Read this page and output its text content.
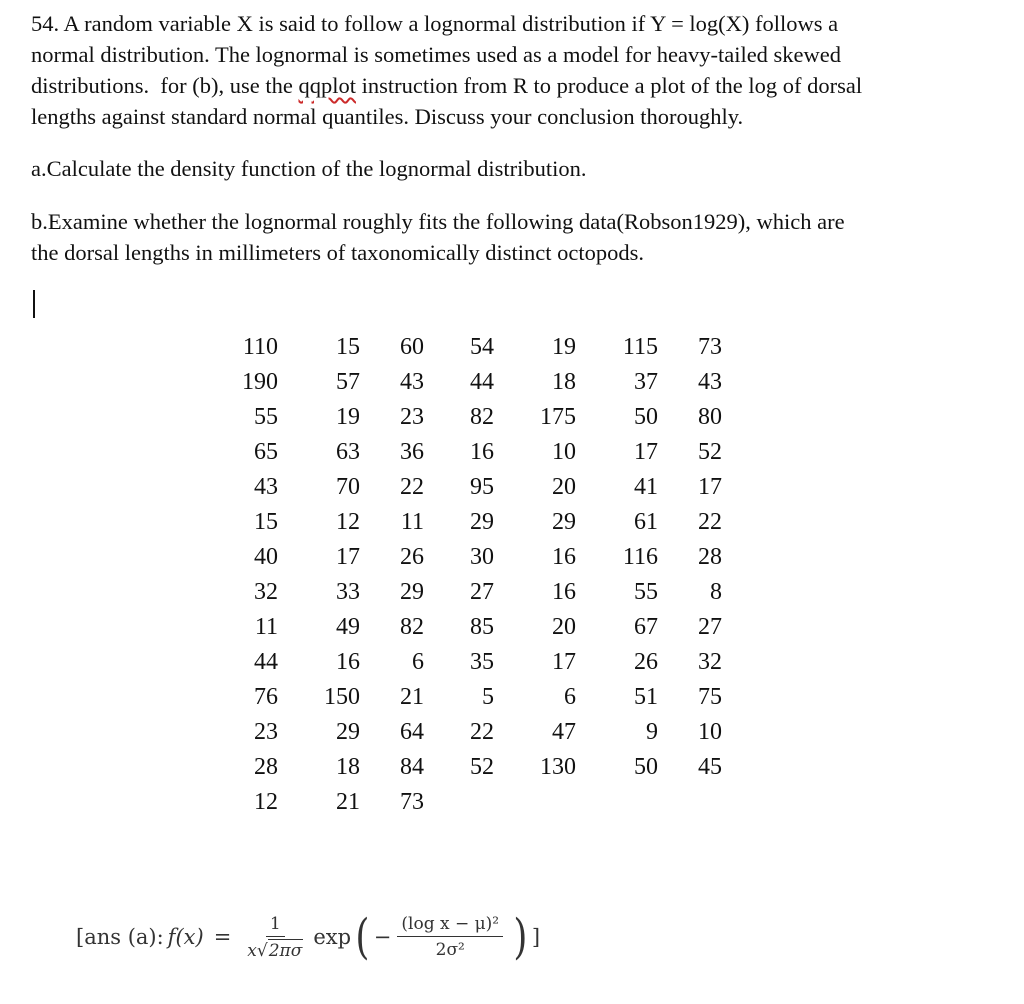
54. A random variable X is said to follow a lognormal distribution if Y = log(X) follows a
normal distribution. The lognormal is sometimes used as a model for heavy-tailed skewed
distributions.  for (b), use the qqplot instruction from R to produce a plot of the log of dorsal
lengths against standard normal quantiles. Discuss your conclusion thoroughly.
a.Calculate the density function of the lognormal distribution.
b.Examine whether the lognormal roughly fits the following data(Robson1929), which are
the dorsal lengths in millimeters of taxonomically distinct octopods.
110	15	60	54	19	115	73
190	57	43	44	18	37	43
55	19	23	82	175	50	80
65	63	36	16	10	17	52
43	70	22	95	20	41	17
15	12	11	29	29	61	22
40	17	26	30	16	116	28
32	33	29	27	16	55	8
11	49	82	85	20	67	27
44	16	6	35	17	26	32
76	150	21	5	6	51	75
23	29	64	22	47	9	10
28	18	84	52	130	50	45
12	21	73				
[ans (a): $f(x) = \frac{1}{x √ 2\pi\sigma}$ exp ( − $\frac{\text{(log x − μ)²}}{\text{2σ²}}$ ) ]
